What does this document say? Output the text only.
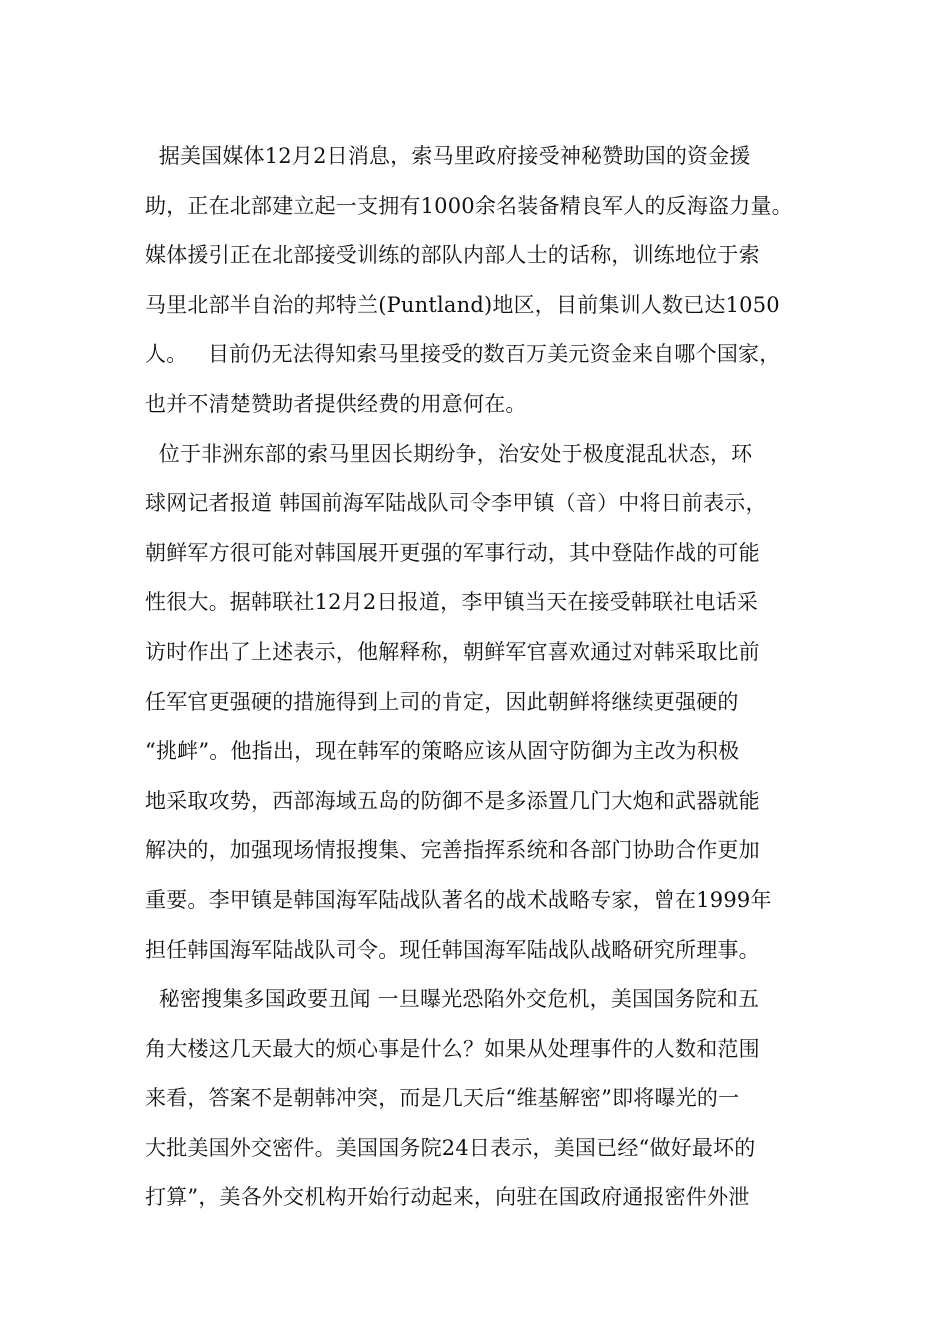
据美国媒体12月2日消息，索马里政府接受神秘赞助国的资金援
助，正在北部建立起一支拥有1000余名装备精良军人的反海盗力量。
媒体援引正在北部接受训练的部队内部人士的话称，训练地位于索
马里北部半自治的邦特兰(Puntland)地区，目前集训人数已达1050
人。   目前仍无法得知索马里接受的数百万美元资金来自哪个国家，
也并不清楚赞助者提供经费的用意何在。

位于非洲东部的索马里因长期纷争，治安处于极度混乱状态，环
球网记者报道 韩国前海军陆战队司令李甲镇（音）中将日前表示，
朝鲜军方很可能对韩国展开更强的军事行动，其中登陆作战的可能
性很大。据韩联社12月2日报道，李甲镇当天在接受韩联社电话采
访时作出了上述表示，他解释称，朝鲜军官喜欢通过对韩采取比前
任军官更强硬的措施得到上司的肯定，因此朝鲜将继续更强硬的
“挑衅”。他指出，现在韩军的策略应该从固守防御为主改为积极
地采取攻势，西部海域五岛的防御不是多添置几门大炮和武器就能
解决的，加强现场情报搜集、完善指挥系统和各部门协助合作更加
重要。李甲镇是韩国海军陆战队著名的战术战略专家，曾在1999年
担任韩国海军陆战队司令。现任韩国海军陆战队战略研究所理事。

秘密搜集多国政要丑闻 一旦曝光恐陷外交危机，美国国务院和五
角大楼这几天最大的烦心事是什么？如果从处理事件的人数和范围
来看，答案不是朝韩冲突，而是几天后“维基解密”即将曝光的一
大批美国外交密件。美国国务院24日表示，美国已经“做好最坏的
打算”，美各外交机构开始行动起来，向驻在国政府通报密件外泄
